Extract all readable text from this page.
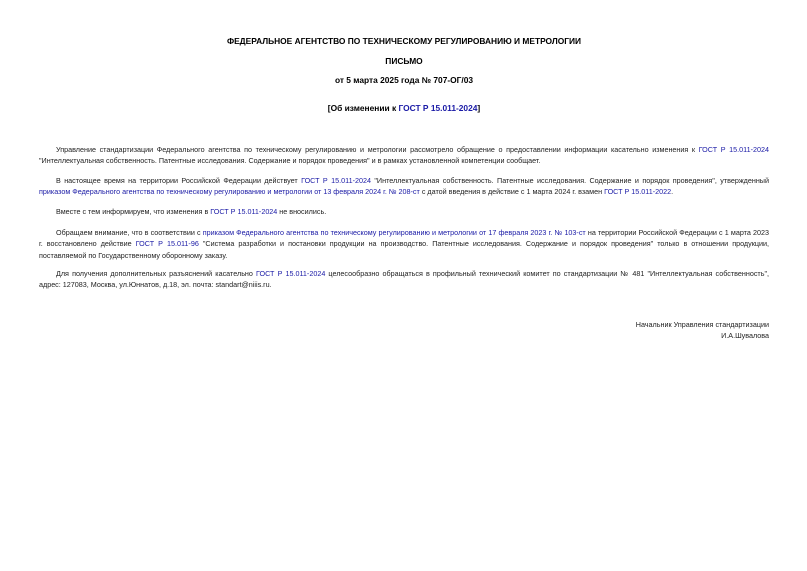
ФЕДЕРАЛЬНОЕ АГЕНТСТВО ПО ТЕХНИЧЕСКОМУ РЕГУЛИРОВАНИЮ И МЕТРОЛОГИИ
ПИСЬМО
от 5 марта 2025 года № 707-ОГ/03
[Об изменении к ГОСТ Р 15.011-2024]
Управление стандартизации Федерального агентства по техническому регулированию и метрологии рассмотрело обращение о предоставлении информации касательно изменения к ГОСТ Р 15.011-2024 "Интеллектуальная собственность. Патентные исследования. Содержание и порядок проведения" и в рамках установленной компетенции сообщает.
В настоящее время на территории Российской Федерации действует ГОСТ Р 15.011-2024 "Интеллектуальная собственность. Патентные исследования. Содержание и порядок проведения", утвержденный приказом Федерального агентства по техническому регулированию и метрологии от 13 февраля 2024 г. № 208-ст с датой введения в действие с 1 марта 2024 г. взамен ГОСТ Р 15.011-2022.
Вместе с тем информируем, что изменения в ГОСТ Р 15.011-2024 не вносились.
Обращаем внимание, что в соответствии с приказом Федерального агентства по техническому регулированию и метрологии от 17 февраля 2023 г. № 103-ст на территории Российской Федерации с 1 марта 2023 г. восстановлено действие ГОСТ Р 15.011-96 "Система разработки и постановки продукции на производство. Патентные исследования. Содержание и порядок проведения" только в отношении продукции, поставляемой по Государственному оборонному заказу.
Для получения дополнительных разъяснений касательно ГОСТ Р 15.011-2024 целесообразно обращаться в профильный технический комитет по стандартизации № 481 "Интеллектуальная собственность", адрес: 127083, Москва, ул.Юннатов, д.18, эл. почта: standart@niiis.ru.
Начальник Управления стандартизации
И.А.Шувалова
